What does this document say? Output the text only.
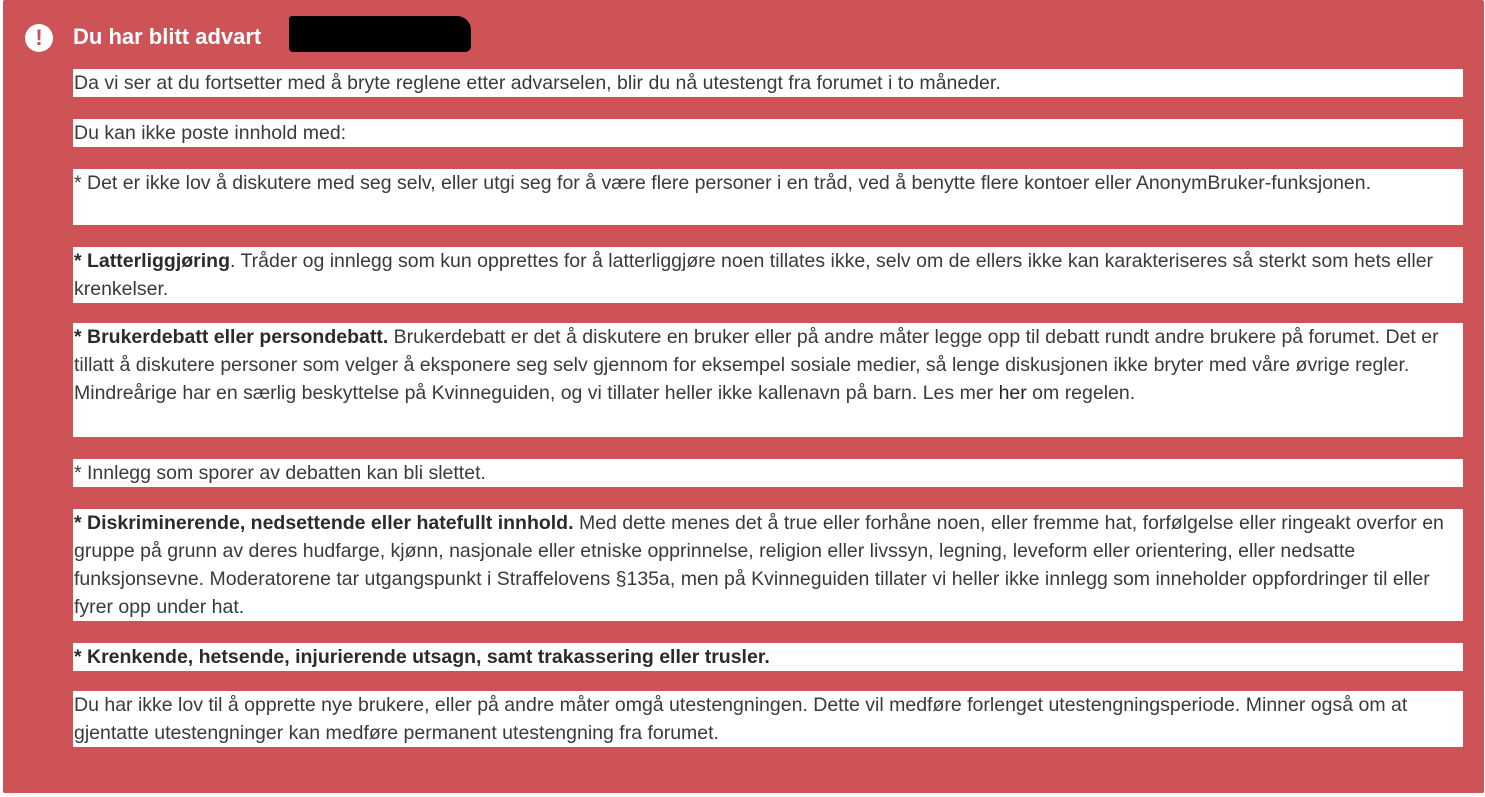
!	Du har blitt advart
Da vi ser at du fortsetter med å bryte reglene etter advarselen, blir du nå utestengt fra forumet i to måneder.
Du kan ikke poste innhold med:
* Det er ikke lov å diskutere med seg selv, eller utgi seg for å være flere personer i en tråd, ved å benytte flere kontoer eller AnonymBruker-funksjonen.
* Latterliggjøring. Tråder og innlegg som kun opprettes for å latterliggjøre noen tillates ikke, selv om de ellers ikke kan karakteriseres så sterkt som hets eller krenkelser.
* Brukerdebatt eller persondebatt. Brukerdebatt er det å diskutere en bruker eller på andre måter legge opp til debatt rundt andre brukere på forumet. Det er tillatt å diskutere personer som velger å eksponere seg selv gjennom for eksempel sosiale medier, så lenge diskusjonen ikke bryter med våre øvrige regler. Mindreårige har en særlig beskyttelse på Kvinneguiden, og vi tillater heller ikke kallenavn på barn. Les mer her om regelen.
* Innlegg som sporer av debatten kan bli slettet.
* Diskriminerende, nedsettende eller hatefullt innhold. Med dette menes det å true eller forhåne noen, eller fremme hat, forfølgelse eller ringeakt overfor en gruppe på grunn av deres hudfarge, kjønn, nasjonale eller etniske opprinnelse, religion eller livssyn, legning, leveform eller orientering, eller nedsatte funksjonsevne. Moderatorene tar utgangspunkt i Straffelovens §135a, men på Kvinneguiden tillater vi heller ikke innlegg som inneholder oppfordringer til eller fyrer opp under hat.
* Krenkende, hetsende, injurierende utsagn, samt trakassering eller trusler.
Du har ikke lov til å opprette nye brukere, eller på andre måter omgå utestengningen. Dette vil medføre forlenget utestengningsperiode. Minner også om at gjentatte utestengninger kan medføre permanent utestengning fra forumet.
